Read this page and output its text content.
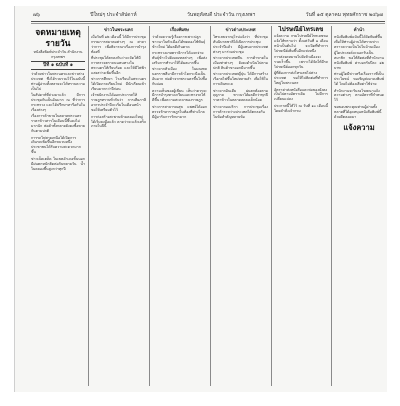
๗๖	ปีใหม่ๆ ประจำสัปดาห์	วันพฤหัสบดี ประจำวัน กรุงเทพฯ	วันที่ ๑๕ ตุลาคม พุทธศักราช ๒๔๖๗
จดหมายเหตุรายวัน
หนังสือพิมพ์ประจำวัน สำนักงานกรุงเทพฯ
ปีที่ ๑ ฉบับที่ ๑

ว่าด้วยข่าวในพระนครและข่าวต่างประเทศ ซึ่งได้รวบรวมไว้ในฉบับนี้ ท่านผู้อ่านทั้งหลายจะได้ทราบความเป็นไป

ในสัปดาห์ที่ล่วงมาแล้ว มีการประชุมกันเป็นอันมาก ณ ที่ว่าการกระทรวง และได้ปรึกษาหารือกันในเรื่องต่างๆ

เรื่องการค้าขายในตลาดพระนคร ราคาข้าวสารในเดือนนี้ขึ้นลงไม่มากนัก พ่อค้าทั้งหลายยังคงซื้อขายกันตามปกติ

การรถไฟสายเหนือได้เปิดการเดินรถเพิ่มขึ้นอีกขบวนหนึ่ง ประชาชนได้รับความสะดวกมากขึ้น

ข่าวเบ็ดเตล็ด ในเขตอำเภอชั้นนอกมีฝนตกหนักติดต่อกันหลายวัน น้ำในคลองขึ้นสูงกว่าทุกปี

ข่าวในพระนคร

เมื่อวันที่ ๑๒ เดือนนี้ ได้มีการประชุมกรรมการสมาคมต่างๆ ณ ศาลาว่าการ เพื่อพิจารณาเรื่องการบำรุงท้องที่

ที่ประชุมได้ตกลงกันว่าจะจัดให้มีการตรวจตราถนนหนทางในพระนครให้เรียบร้อย และให้มีไฟฟ้าแสงสว่างเพิ่มขึ้นอีก

ข่าวการศึกษา โรงเรียนในพระนครได้เปิดภาคเรียนใหม่ มีนักเรียนเข้าเรียนมากกว่าปีก่อน

เจ้าพนักงานได้ออกประกาศให้ราษฎรทราบทั่วกันว่า การเสียภาษีอากรประจำปีจะเริ่มในเดือนหน้า ขอให้เตรียมตัวไว้

การก่อสร้างสะพานข้ามคลองใหญ่ได้เริ่มลงมือแล้ว คาดว่าจะแล้วเสร็จภายในปีนี้

เรื่องพิเศษ

ว่าด้วยความรู้เรื่องการเพาะปลูก ชาวนาในหัวเมืองได้ทดลองใช้พันธุ์ข้าวใหม่ ได้ผลดีเกินคาด

กระทรวงเกษตราธิการได้แจกจ่ายพันธุ์ข้าวไปยังมณฑลต่างๆ เพื่อส่งเสริมการทำนาให้ได้ผลมากขึ้น

ข่าวจากหัวเมือง ในมณฑลนครราชสีมามีการค้าโคกระบือเป็นอันมาก พ่อค้าจากพระนครขึ้นไปซื้อกันบ่อย

ความเห็นของผู้เขียน เห็นว่าควรจะมีการบำรุงทางเกวียนและทางรถให้ดีขึ้น เพื่อความสะดวกของราษฎร

ข่าวการสาธารณสุข แพทย์ได้ออกตรวจรักษาราษฎรในท้องที่ห่างไกล มีผู้มารับการรักษามาก

ข่าวต่างประเทศ

โทรเลขจากยุโรปแจ้งว่า ที่ประชุมสันนิบาตชาติได้เปิดการประชุมประจำปีแล้ว มีผู้แทนจากประเทศต่างๆ มาร่วมประชุม

ข่าวจากประเทศจีน การค้าขายในเมืองท่าต่างๆ ยังคงดำเนินไปตามปกติ สินค้าขาออกมีมากขึ้น

ข่าวจากประเทศญี่ปุ่น ได้มีการสร้างเรือกลไฟขึ้นใหม่หลายลำ เพื่อใช้ในการเดินทะเล

ข่าวจากอินเดีย ฝนตกต้องตามฤดูกาล ชาวนาได้ผลดีกว่าทุกปี ราคาข้าวในตลาดลดลงเล็กน้อย

ข่าวจากอเมริกา การประชุมเรื่องการค้าระหว่างประเทศได้ตกลงกันในข้อสำคัญหลายข้อ

ไปรษณีย์โทรเลข

แจ้งความ กรมไปรษณีย์โทรเลขขอแจ้งให้ทราบว่า ตั้งแต่วันที่ ๑ เดือนหน้าเป็นต้นไป จะเปิดที่ทำการไปรษณีย์เพิ่มขึ้นอีกแห่งหนึ่ง

การส่งจดหมายไปยังหัวเมืองจะรวดเร็วขึ้น เพราะได้จัดให้มีรถไปรษณีย์ออกทุกวัน

ผู้ที่ต้องการส่งโทรเลขไปต่างประเทศ ขอให้ไปติดต่อที่ทำการใหญ่ในพระนคร

อัตราค่าส่งหนังสือและห่อของยังคงเป็นไปตามอัตราเดิม ไม่มีการเปลี่ยนแปลง

ประกาศนี้ให้ไว้ ณ วันที่ ๑๐ เดือนนี้ โดยคำสั่งเจ้ากรม

คำนำ

หนังสือพิมพ์ฉบับนี้ได้จัดพิมพ์ขึ้นเพื่อให้ท่านผู้อ่านได้ทราบข่าวคราวความเป็นไปในบ้านเมือง

ผู้ใดประสงค์จะบอกรับเป็นสมาชิก ขอให้ติดต่อที่สำนักงานหนังสือพิมพ์ ค่าบอกรับปีละ ๑๒ บาท

ท่านผู้ใดมีข่าวหรือเรื่องราวที่เป็นประโยชน์ ขอเชิญส่งมาลงพิมพ์ได้ โดยไม่ต้องเสียค่าใช้จ่าย

สำนักงานจะรับลงโฆษณาแจ้งความต่างๆ ตามอัตราที่กำหนดไว้

ขอขอบพระคุณท่านผู้อ่านทั้งหลายที่ได้อุดหนุนหนังสือพิมพ์นี้ด้วยดีตลอดมา

แจ้งความ
